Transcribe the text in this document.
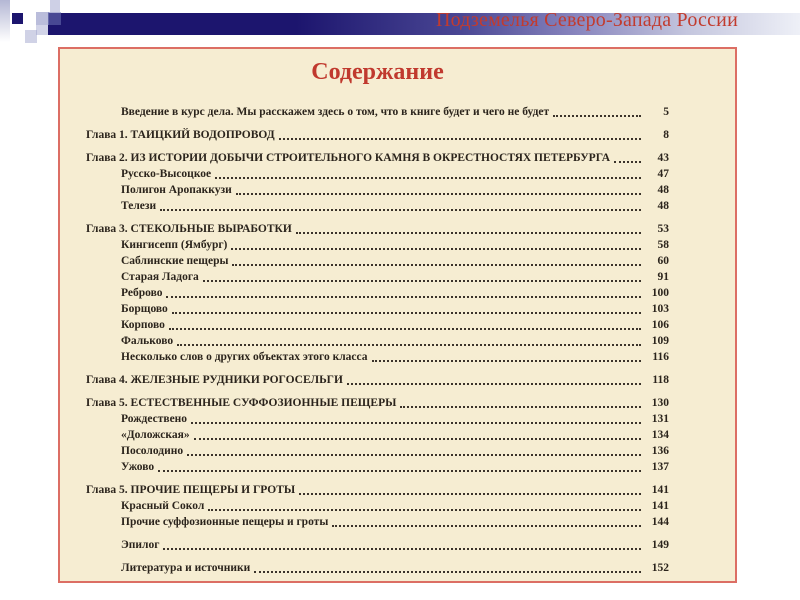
Подземелья Северо-Запада России
Содержание
Введение в курс дела. Мы расскажем здесь о том, что в книге будет и чего не будет	5
Глава 1. ТАИЦКИЙ ВОДОПРОВОД	8
Глава 2. ИЗ ИСТОРИИ ДОБЫЧИ СТРОИТЕЛЬНОГО КАМНЯ В ОКРЕСТНОСТЯХ ПЕТЕРБУРГА	43
Русско-Высоцкое	47
Полигон Аропаккузи	48
Телези	48
Глава 3. СТЕКОЛЬНЫЕ ВЫРАБОТКИ	53
Кингисепп (Ямбург)	58
Саблинские пещеры	60
Старая Ладога	91
Реброво	100
Борщово	103
Корпово	106
Фальково	109
Несколько слов о других объектах этого класса	116
Глава 4. ЖЕЛЕЗНЫЕ РУДНИКИ РОГОСЕЛЬГИ	118
Глава 5. ЕСТЕСТВЕННЫЕ СУФФОЗИОННЫЕ ПЕЩЕРЫ	130
Рождествено	131
«Доложская»	134
Посолодино	136
Ужово	137
Глава 5. ПРОЧИЕ ПЕЩЕРЫ И ГРОТЫ	141
Красный Сокол	141
Прочие суффозионные пещеры и гроты	144
Эпилог	149
Литература и источники	152
